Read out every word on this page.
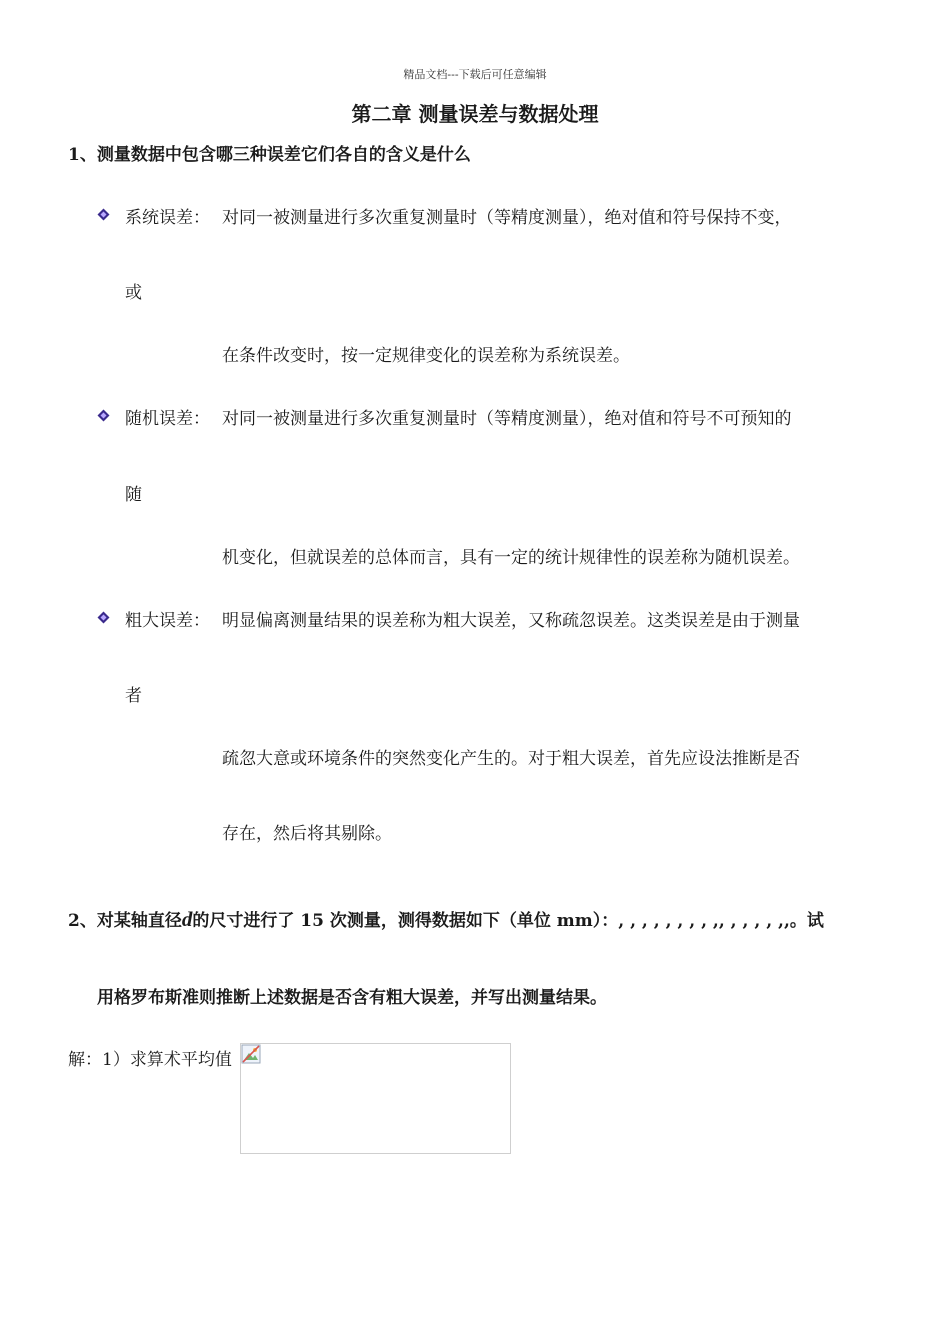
精品文档---下载后可任意编辑
第二章 测量误差与数据处理
1、测量数据中包含哪三种误差它们各自的含义是什么
系统误差： 对同一被测量进行多次重复测量时（等精度测量），绝对值和符号保持不变，
或
在条件改变时，按一定规律变化的误差称为系统误差。
随机误差： 对同一被测量进行多次重复测量时（等精度测量），绝对值和符号不可预知的
随
机变化，但就误差的总体而言，具有一定的统计规律性的误差称为随机误差。
粗大误差： 明显偏离测量结果的误差称为粗大误差，又称疏忽误差。这类误差是由于测量
者
疏忽大意或环境条件的突然变化产生的。对于粗大误差，首先应设法推断是否
存在，然后将其剔除。
2、对某轴直径d的尺寸进行了 15 次测量，测得数据如下（单位 mm）：, , , , , , , , ,, , , , , ,,。试
用格罗布斯准则推断上述数据是否含有粗大误差，并写出测量结果。
解：1）求算术平均值
